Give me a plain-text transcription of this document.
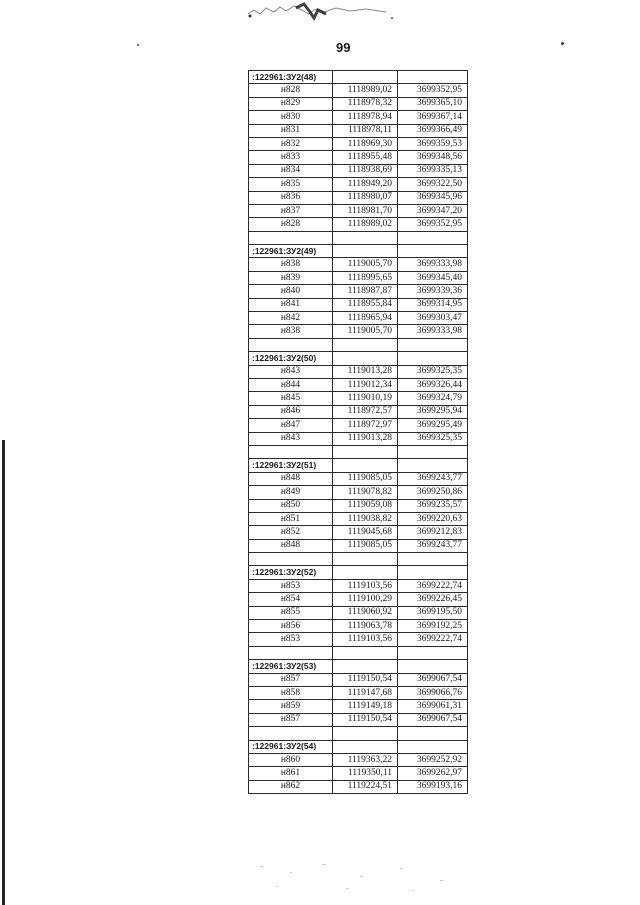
99
:122961:ЗУ2(48)		
н828	1118989,02	3699352,95
н829	1118978,32	3699365,10
н830	1118978,94	3699367,14
н831	1118978,11	3699366,49
н832	1118969,30	3699359,53
н833	1118955,48	3699348,56
н834	1118938,69	3699335,13
н835	1118949,20	3699322,50
н836	1118980,07	3699345,96
н837	1118981,70	3699347,20
н828	1118989,02	3699352,95

:122961:ЗУ2(49)		
н838	1119005,70	3699333,98
н839	1118995,65	3699345,40
н840	1118987,87	3699339,36
н841	1118955,84	3699314,95
н842	1118965,94	3699303,47
н838	1119005,70	3699333,98

:122961:ЗУ2(50)		
н843	1119013,28	3699325,35
н844	1119012,34	3699326,44
н845	1119010,19	3699324,79
н846	1118972,57	3699295,94
н847	1118972,97	3699295,49
н843	1119013,28	3699325,35

:122961:ЗУ2(51)		
н848	1119085,05	3699243,77
н849	1119078,82	3699250,86
н850	1119059,08	3699235,57
н851	1119038,82	3699220,63
н852	1119045,68	3699212,83
н848	1119085,05	3699243,77

:122961:ЗУ2(52)		
н853	1119103,56	3699222,74
н854	1119100,29	3699226,45
н855	1119060,92	3699195,50
н856	1119063,78	3699192,25
н853	1119103,56	3699222,74

:122961:ЗУ2(53)		
н857	1119150,54	3699067,54
н858	1119147,68	3699066,76
н859	1119149,18	3699061,31
н857	1119150,54	3699067,54

:122961:ЗУ2(54)		
н860	1119363,22	3699252,92
н861	1119350,11	3699262,97
н862	1119224,51	3699193,16
